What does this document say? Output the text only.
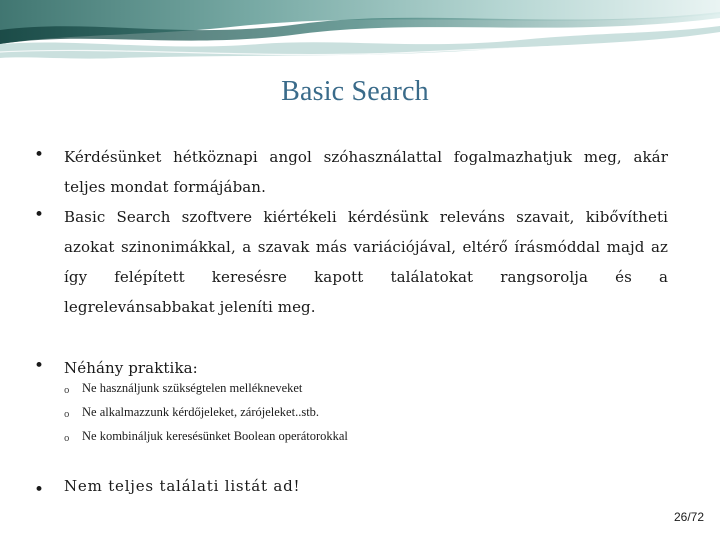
Basic Search
• Kérdésünket hétköznapi angol szóhasználattal fogalmazhatjuk meg, akár
teljes mondat formájában.
• Basic Search szoftvere kiértékeli kérdésünk releváns szavait, kibővítheti
azokat szinonimákkal, a szavak más variációjával, eltérő írásmóddal majd az
így felépített keresésre kapott találatokat rangsorolja és a
legrelevánsabbakat jeleníti meg.
• Néhány praktika:
o Ne használjunk szükségtelen mellékneveket
o Ne alkalmazzunk kérdőjeleket, zárójeleket..stb.
o Ne kombináljuk keresésünket Boolean operátorokkal
• Nem teljes találati listát ad!
26/72
